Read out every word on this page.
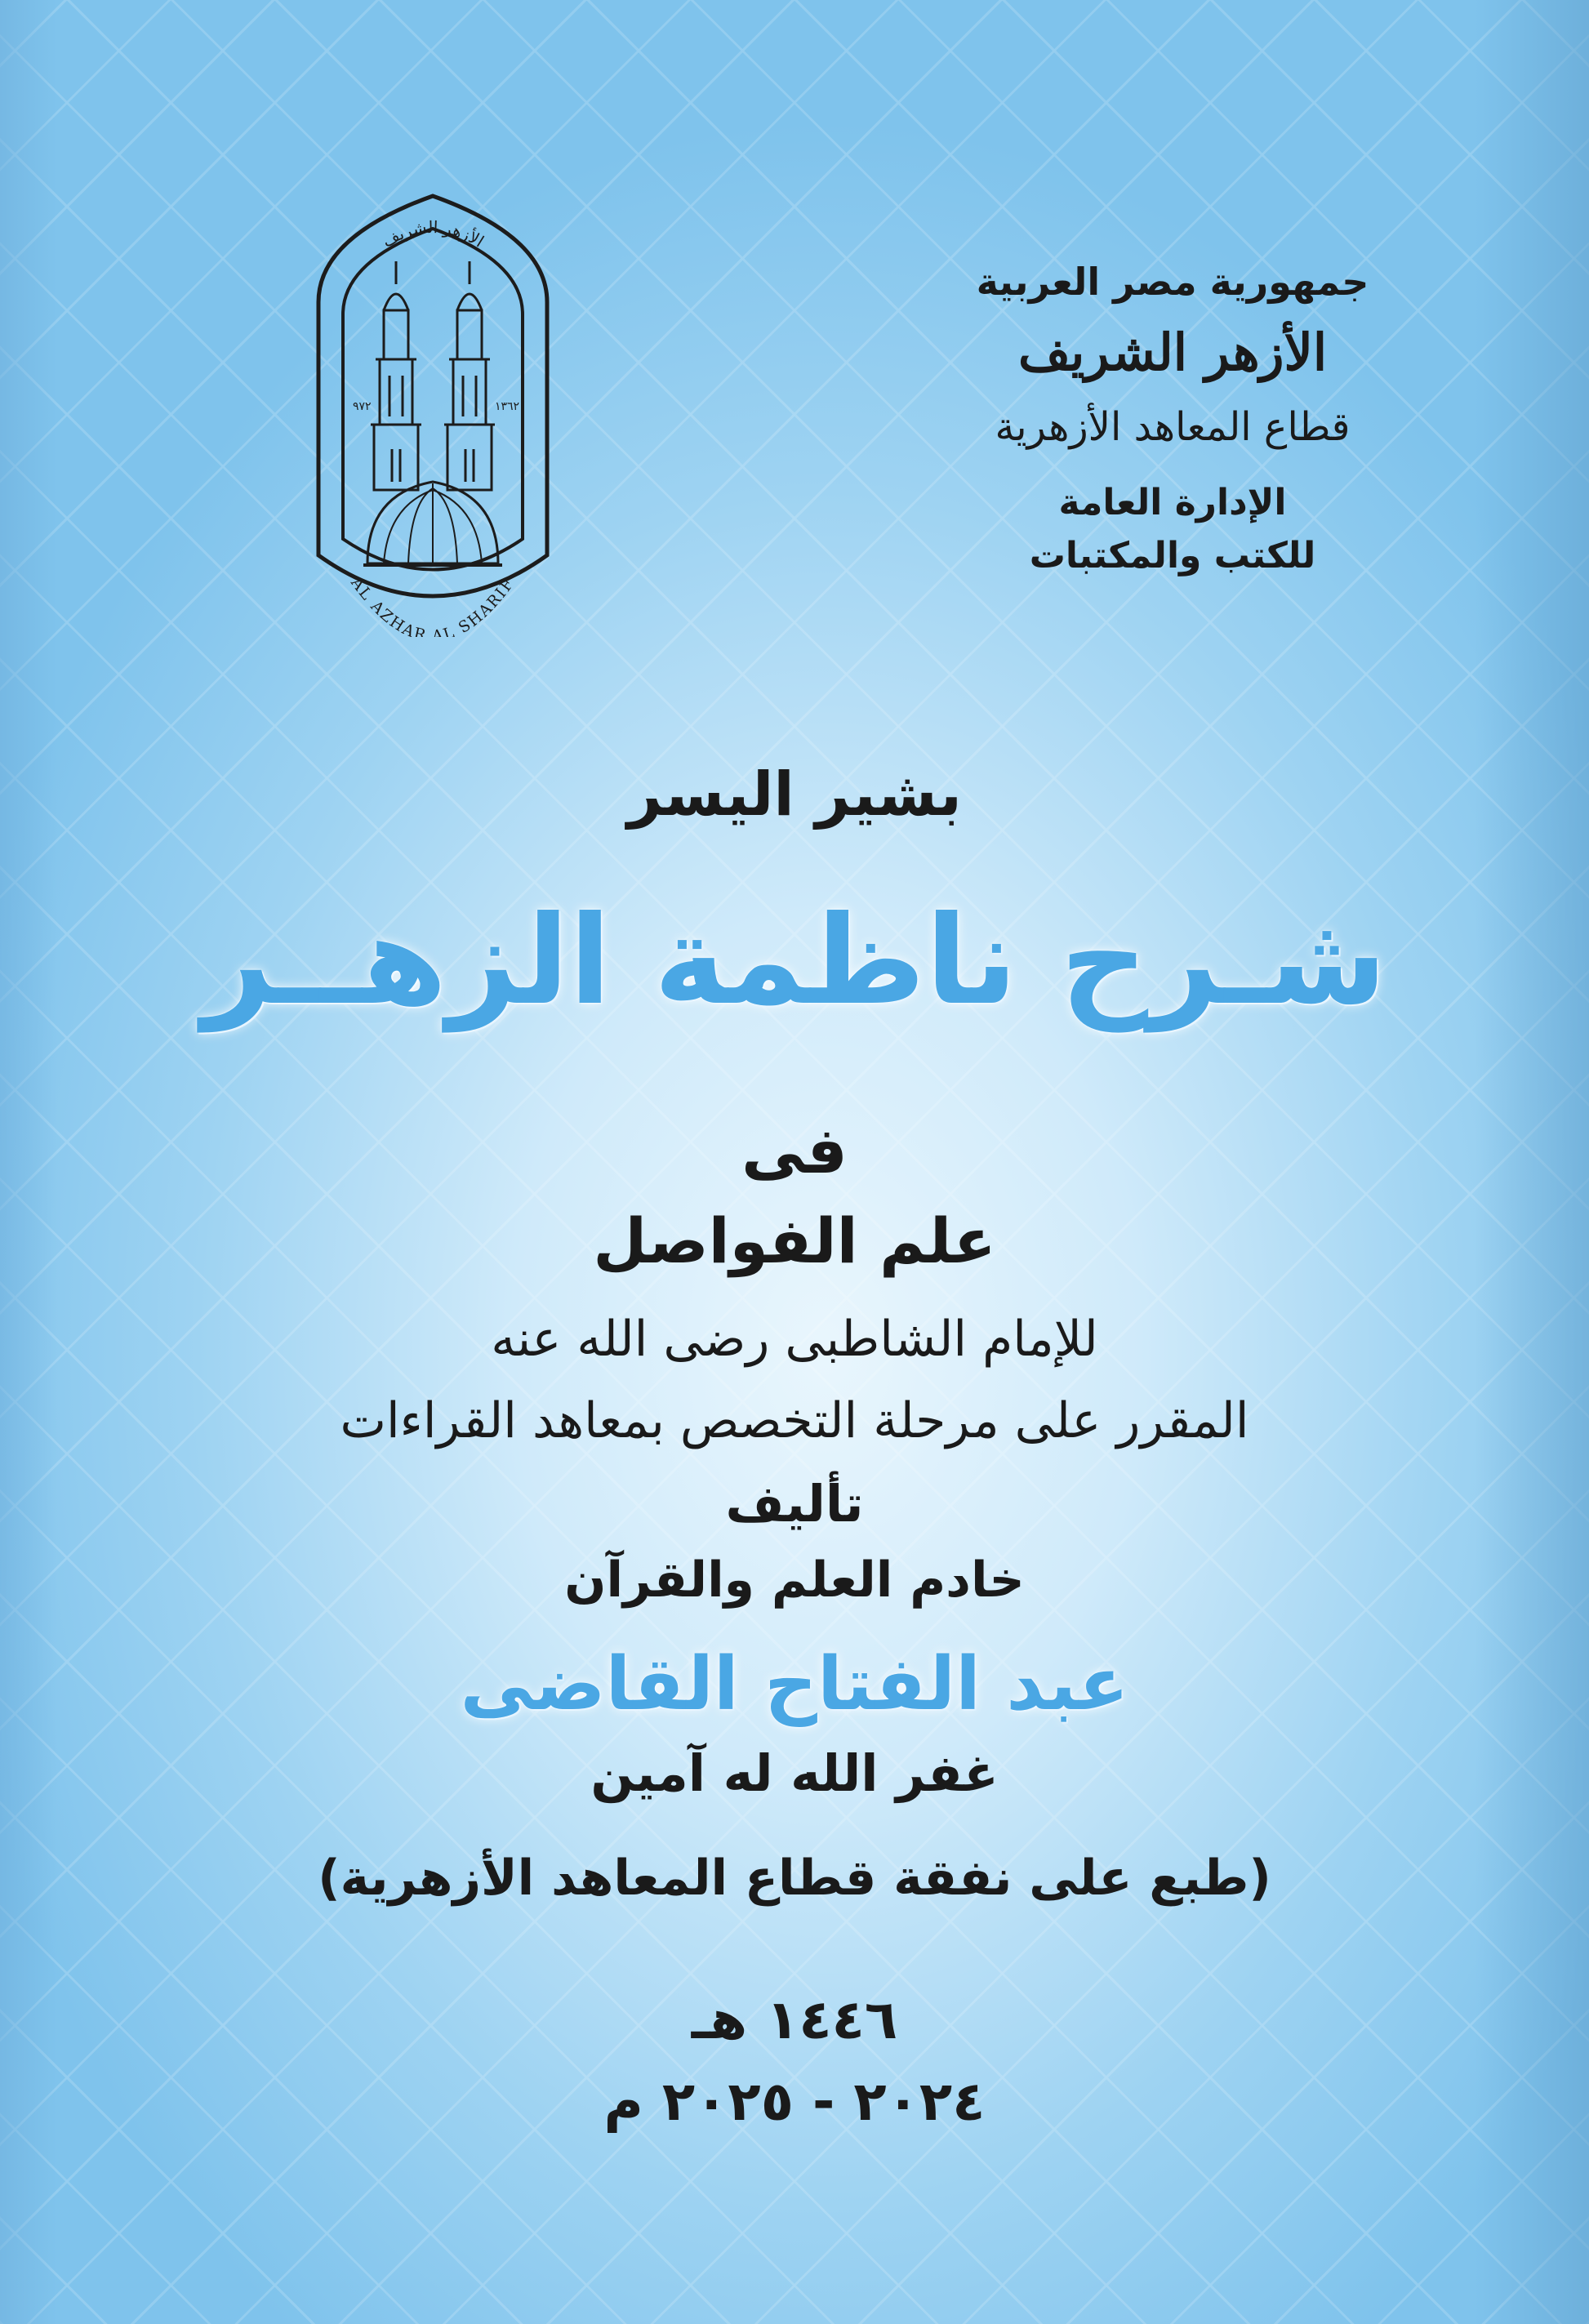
الأزهر الشريف
AL AZHAR AL SHARIF
٩٧٢	١٣٦٢
جمهورية مصر العربية
الأزهر الشريف
قطاع المعاهد الأزهرية
الإدارة العامة
للكتب والمكتبات
بشير اليسر
شـرح ناظمة الزهــر
فى
علم الفواصل
للإمام الشاطبى رضى الله عنه
المقرر على مرحلة التخصص بمعاهد القراءات
تأليف
خادم العلم والقرآن
عبد الفتاح القاضى
غفر الله له آمين
(طبع على نفقة قطاع المعاهد الأزهرية)
١٤٤٦ هـ
٢٠٢٤ - ٢٠٢٥ م
